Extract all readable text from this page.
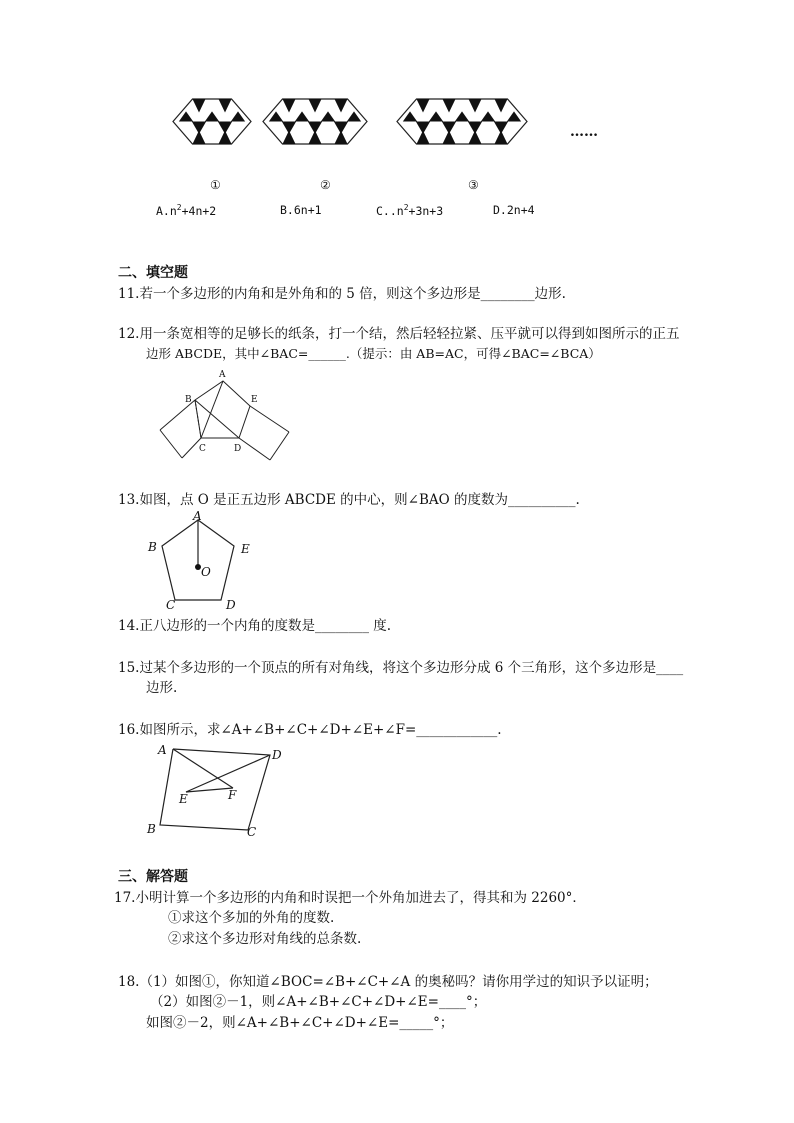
①	②	③
……
$A.n^2+4n+2$	B.6n+1	$C..n^2+3n+3$	D.2n+4
二、填空题
11.若一个多边形的内角和是外角和的 5 倍，则这个多边形是________边形.
12.用一条宽相等的足够长的纸条，打一个结，然后轻轻拉紧、压平就可以得到如图所示的正五
边形 ABCDE，其中∠BAC=______.（提示：由 AB=AC，可得∠BAC=∠BCA）
A
B
C	D
E
13.如图，点 O 是正五边形 ABCDE 的中心，则∠BAO 的度数为__________.
A
B
C	D
E
O
14.正八边形的一个内角的度数是________ 度.
15.过某个多边形的一个顶点的所有对角线，将这个多边形分成 6 个三角形，这个多边形是____
边形.
16.如图所示，求∠A+∠B+∠C+∠D+∠E+∠F=____________.
A
B	C
D
E	F
三、解答题
17.小明计算一个多边形的内角和时误把一个外角加进去了，得其和为 2260°．
①求这个多加的外角的度数.
②求这个多边形对角线的总条数.
18.（1）如图①，你知道∠BOC=∠B+∠C+∠A 的奥秘吗？请你用学过的知识予以证明；
（2）如图②－1，则∠A+∠B+∠C+∠D+∠E=____°；
如图②－2，则∠A+∠B+∠C+∠D+∠E=_____°；
